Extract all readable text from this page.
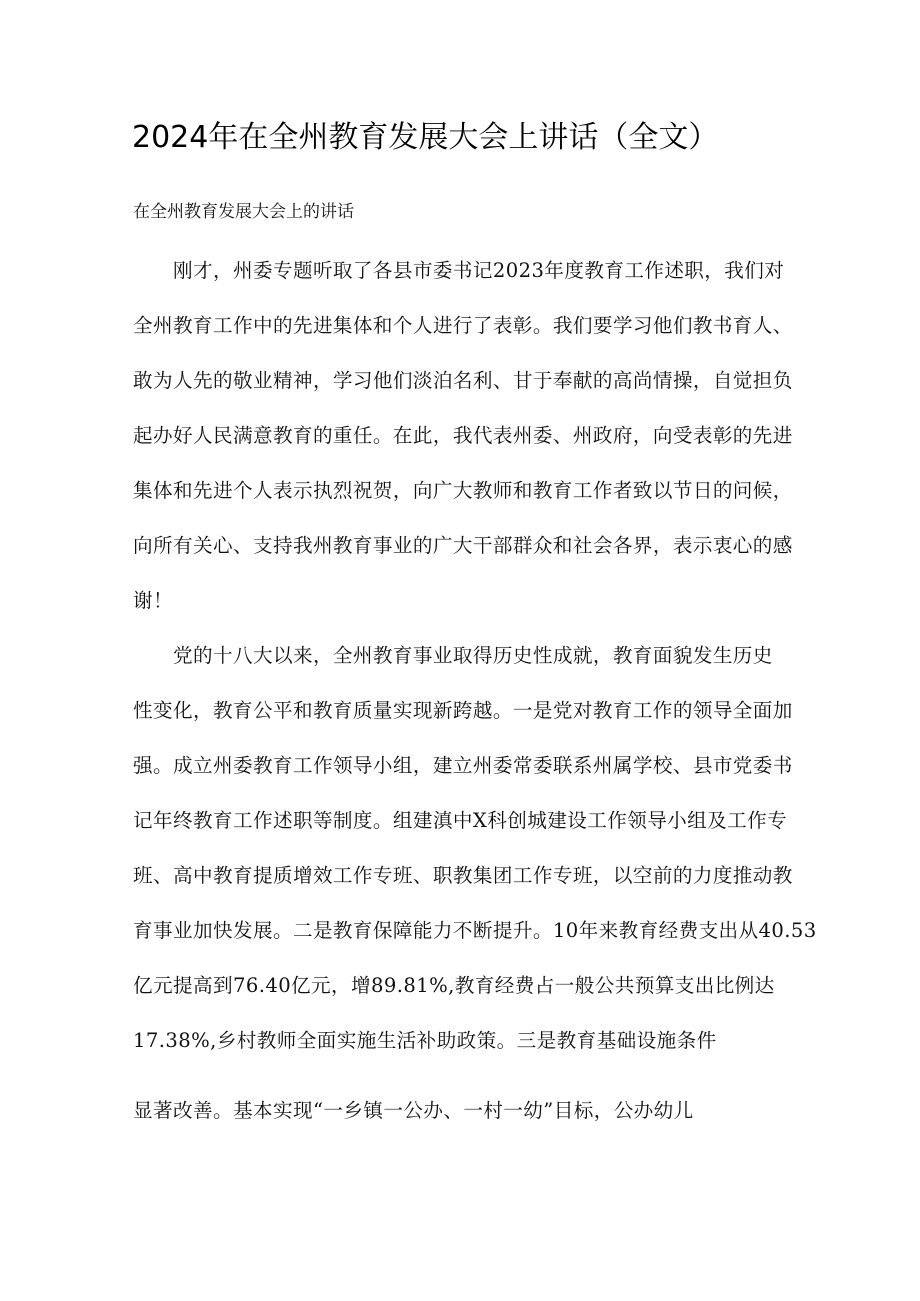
2024年在全州教育发展大会上讲话（全文）
在全州教育发展大会上的讲话
　　刚才，州委专题听取了各县市委书记2023年度教育工作述职，我们对
全州教育工作中的先进集体和个人进行了表彰。我们要学习他们教书育人、
敢为人先的敬业精神，学习他们淡泊名利、甘于奉献的高尚情操，自觉担负
起办好人民满意教育的重任。在此，我代表州委、州政府，向受表彰的先进
集体和先进个人表示执烈祝贺，向广大教师和教育工作者致以节日的问候，
向所有关心、支持我州教育事业的广大干部群众和社会各界，表示衷心的感
谢！
　　党的十八大以来，全州教育事业取得历史性成就，教育面貌发生历史
性变化，教育公平和教育质量实现新跨越。一是党对教育工作的领导全面加
强。成立州委教育工作领导小组，建立州委常委联系州属学校、县市党委书
记年终教育工作述职等制度。组建滇中X科创城建设工作领导小组及工作专
班、高中教育提质增效工作专班、职教集团工作专班，以空前的力度推动教
育事业加快发展。二是教育保障能力不断提升。10年来教育经费支出从40.53
亿元提高到76.40亿元，增89.81%,教育经费占一般公共预算支出比例达
17.38%,乡村教师全面实施生活补助政策。三是教育基础设施条件
显著改善。基本实现“一乡镇一公办、一村一幼”目标，公办幼儿
